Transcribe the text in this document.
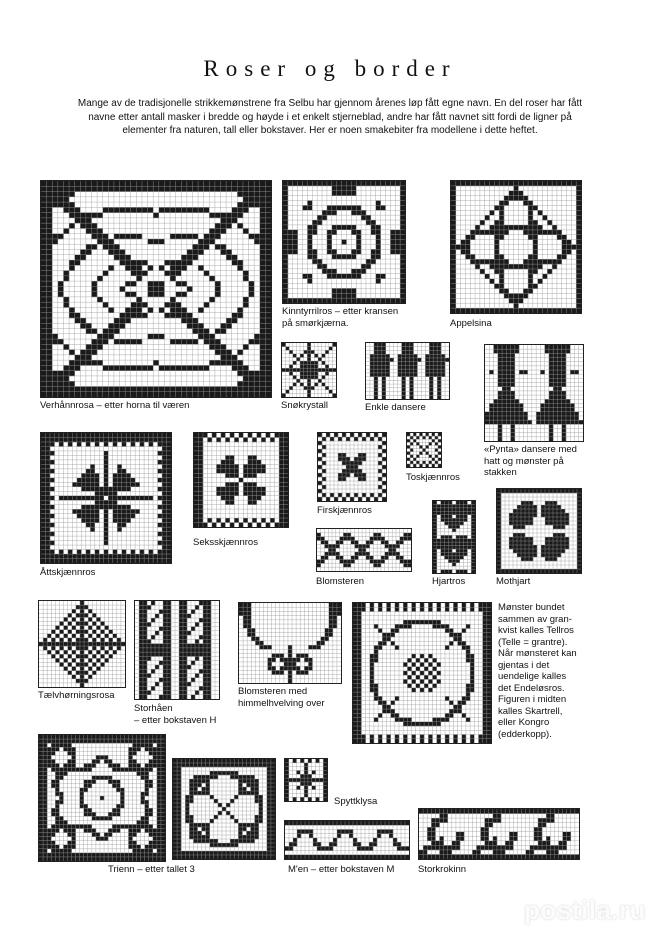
Roser og border
Mange av de tradisjonelle strikkemønstrene fra Selbu har gjennom årenes løp fått egne navn. En del roser har fått navne etter antall masker i bredde og høyde i et enkelt stjerneblad, andre har fått navnet sitt fordi de ligner på elementer fra naturen, tall eller bokstaver. Her er noen smakebiter fra modellene i dette heftet.
Verhånnrosa – etter horna til væren
Kinntyrrilros – etter kransen
på smørkjærna.	Appelsina
Snøkrystall	Enkle dansere
«Pynta» dansere med
hatt og mønster på
stakken
Åttskjænnros
Seksskjænnros
Firskjænnros
Toskjænnros
Blomsteren	Hjartros	Mothjart
Tælvhørningsrosa
Storhåen
– etter bokstaven H
Blomsteren med
himmelhvelving over
Mønster bundet
sammen av gran-
kvist kalles Tellros
(Telle = grantre).
Når mønsteret kan
gjentas i det
uendelige kalles
det Endeløsros.
Figuren i midten
kalles Skartrell,
eller Kongro
(edderkopp).
Trienn – etter tallet 3
Spyttklysa
M'en – etter bokstaven M Storkrokinn
postila.ru
